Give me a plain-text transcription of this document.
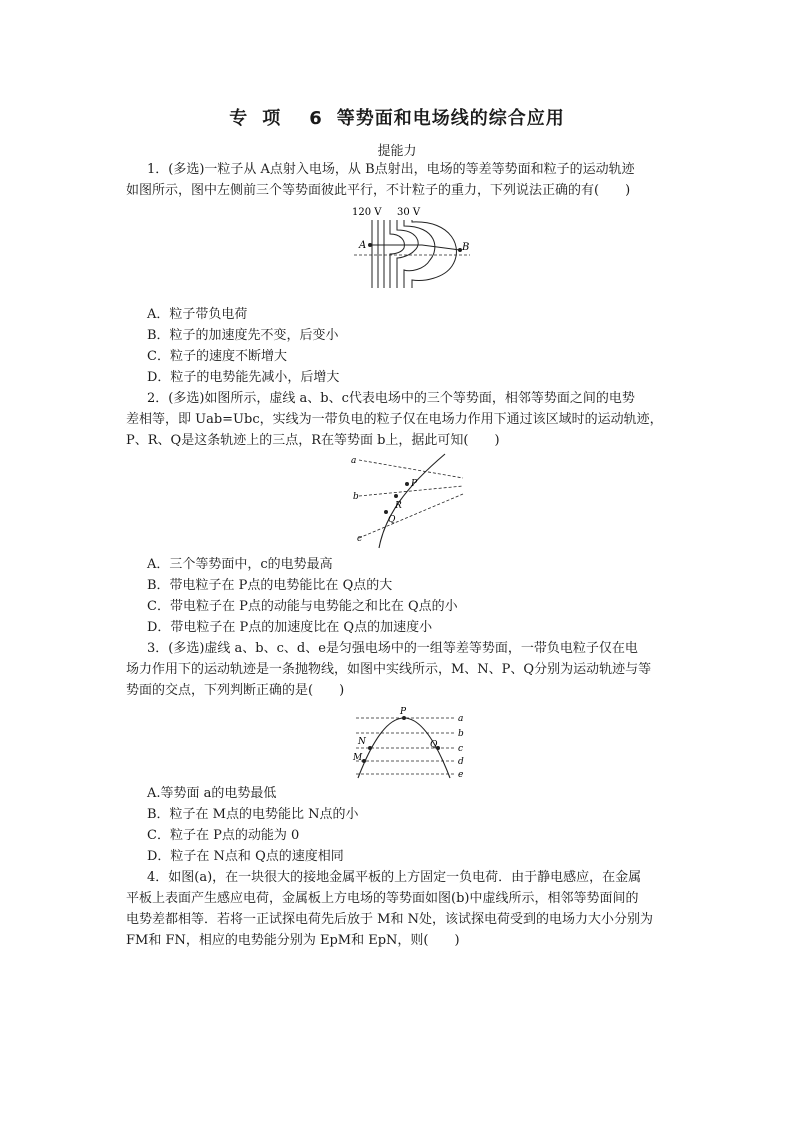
专 项 6 等势面和电场线的综合应用
提能力
1．(多选)一粒子从 A点射入电场，从 B点射出，电场的等差等势面和粒子的运动轨迹
如图所示，图中左侧前三个等势面彼此平行，不计粒子的重力，下列说法正确的有(　　)
120 V 30 V
A	B
A．粒子带负电荷
B．粒子的加速度先不变，后变小
C．粒子的速度不断增大
D．粒子的电势能先减小，后增大
2．(多选)如图所示，虚线 a、b、c代表电场中的三个等势面，相邻等势面之间的电势
差相等，即 Uab=Ubc，实线为一带负电的粒子仅在电场力作用下通过该区域时的运动轨迹，
P、R、Q是这条轨迹上的三点，R在等势面 b上，据此可知(　　)
a
b
c
P
R
Q
A．三个等势面中，c的电势最高
B．带电粒子在 P点的电势能比在 Q点的大
C．带电粒子在 P点的动能与电势能之和比在 Q点的小
D．带电粒子在 P点的加速度比在 Q点的加速度小
3．(多选)虚线 a、b、c、d、e是匀强电场中的一组等差等势面，一带负电粒子仅在电
场力作用下的运动轨迹是一条抛物线，如图中实线所示，M、N、P、Q分别为运动轨迹与等
势面的交点，下列判断正确的是(　　)
a
b
c
d
e
P
N
M
Q
A.等势面 a的电势最低
B．粒子在 M点的电势能比 N点的小
C．粒子在 P点的动能为 0
D．粒子在 N点和 Q点的速度相同
4．如图(a)，在一块很大的接地金属平板的上方固定一负电荷．由于静电感应，在金属
平板上表面产生感应电荷，金属板上方电场的等势面如图(b)中虚线所示，相邻等势面间的
电势差都相等．若将一正试探电荷先后放于 M和 N处，该试探电荷受到的电场力大小分别为
FM和 FN，相应的电势能分别为 EpM和 EpN，则(　　)
